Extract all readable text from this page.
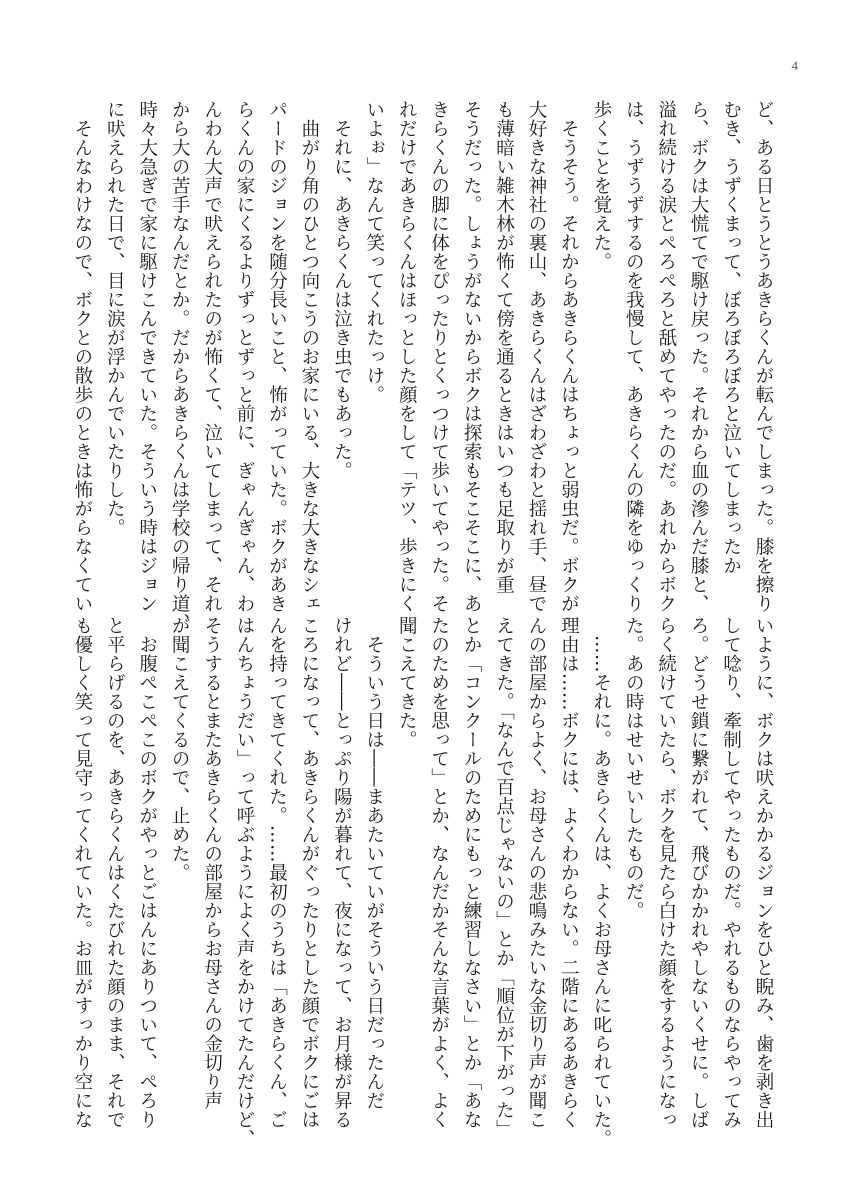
4
ど、ある日とうとうあきらくんが転んでしまった。膝を擦り
むき、うずくまって、ぼろぼろぼろと泣いてしまったか
ら、ボクは大慌てで駆け戻った。それから血の滲んだ膝と、
溢れ続ける涙とぺろぺろと舐めてやったのだ。あれからボク
は、うずうずするのを我慢して、あきらくんの隣をゆっくり
歩くことを覚えた。
　そうそう。それからあきらくんはちょっと弱虫だ。ボクが
大好きな神社の裏山、あきらくんはざわざわと揺れ手、昼で
も薄暗い雑木林が怖くて傍を通るときはいつも足取りが重
そうだった。しょうがないからボクは探索もそこそこに、あ
きらくんの脚に体をぴったりとくっつけて歩いてやった。そ
れだけであきらくんはほっとした顔をして「テツ、歩きにく
いよぉ」なんて笑ってくれたっけ。
　それに、あきらくんは泣き虫でもあった。
　曲がり角のひとつ向こうのお家にいる、大きな大きなシェ
パードのジョンを随分長いこと、怖がっていた。ボクがあき
らくんの家にくるよりずっとずっと前に、ぎゃんぎゃん、わ
んわん大声で吠えられたのが怖くて、泣いてしまって、それ
から大の苦手なんだとか。だからあきらくんは学校の帰り道、
時々大急ぎで家に駆けこんできていた。そういう時はジョン
に吠えられた日で、目に涙が浮かんでいたりした。
　そんなわけなので、ボクとの散歩のときは怖がらなくてい
いように、ボクは吠えかかるジョンをひと睨み、歯を剥き出
して唸り、牽制してやったものだ。やれるものならやってみ
ろ。どうせ鎖に繋がれて、飛びかかれやしないくせに。しば
らく続けていたら、ボクを見たら白けた顔をするようになっ
た。あの時はせいせいしたものだ。
　……それに。あきらくんは、よくお母さんに叱られていた。
理由は……ボクには、よくわからない。二階にあるあきらく
んの部屋からよく、お母さんの悲鳴みたいな金切り声が聞こ
えてきた。「なんで百点じゃないの」とか「順位が下がった」
とか「コンクールのためにもっと練習しなさい」とか「あな
たのためを思って」とか、なんだかそんな言葉がよく、よく
聞こえてきた。
　そういう日は――まあたいていがそういう日だったんだ
けれど――とっぷり陽が暮れて、夜になって、お月様が昇る
ころになって、あきらくんがぐったりとした顔でボクにごは
んを持ってきてくれた。……最初のうちは「あきらくん、ご
はんちょうだい」って呼ぶようによく声をかけてたんだけど、
そうするとまたあきらくんの部屋からお母さんの金切り声
が聞こえてくるので、止めた。
　お腹ぺこぺこのボクがやっとごはんにありついて、ぺろり
と平らげるのを、あきらくんはくたびれた顔のまま、それで
も優しく笑って見守ってくれていた。お皿がすっかり空にな
